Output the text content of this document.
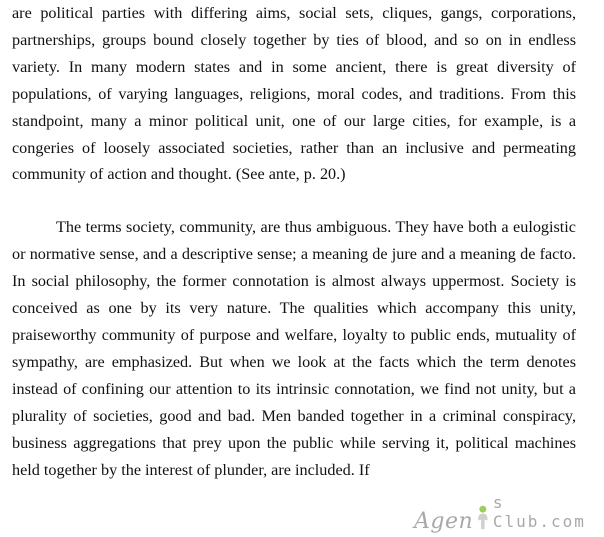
are political parties with differing aims, social sets, cliques, gangs, corporations,
partnerships, groups bound closely together by ties of blood, and so on in endless
variety. In many modern states and in some ancient, there is great diversity of
populations, of varying languages, religions, moral codes, and traditions. From this
standpoint, many a minor political unit, one of our large cities, for example, is a
congeries of loosely associated societies, rather than an inclusive and permeating
community of action and thought. (See ante, p. 20.)

The terms society, community, are thus ambiguous. They have both a eulogistic
or normative sense, and a descriptive sense; a meaning de jure and a meaning de facto.
In social philosophy, the former connotation is almost always uppermost. Society is
conceived as one by its very nature. The qualities which accompany this unity,
praiseworthy community of purpose and welfare, loyalty to public ends, mutuality of
sympathy, are emphasized. But when we look at the facts which the term denotes
instead of confining our attention to its intrinsic connotation, we find not unity, but a
plurality of societies, good and bad. Men banded together in a criminal conspiracy,
business aggregations that prey upon the public while serving it, political machines
held together by the interest of plunder, are included. If

Agen
s Club.com
